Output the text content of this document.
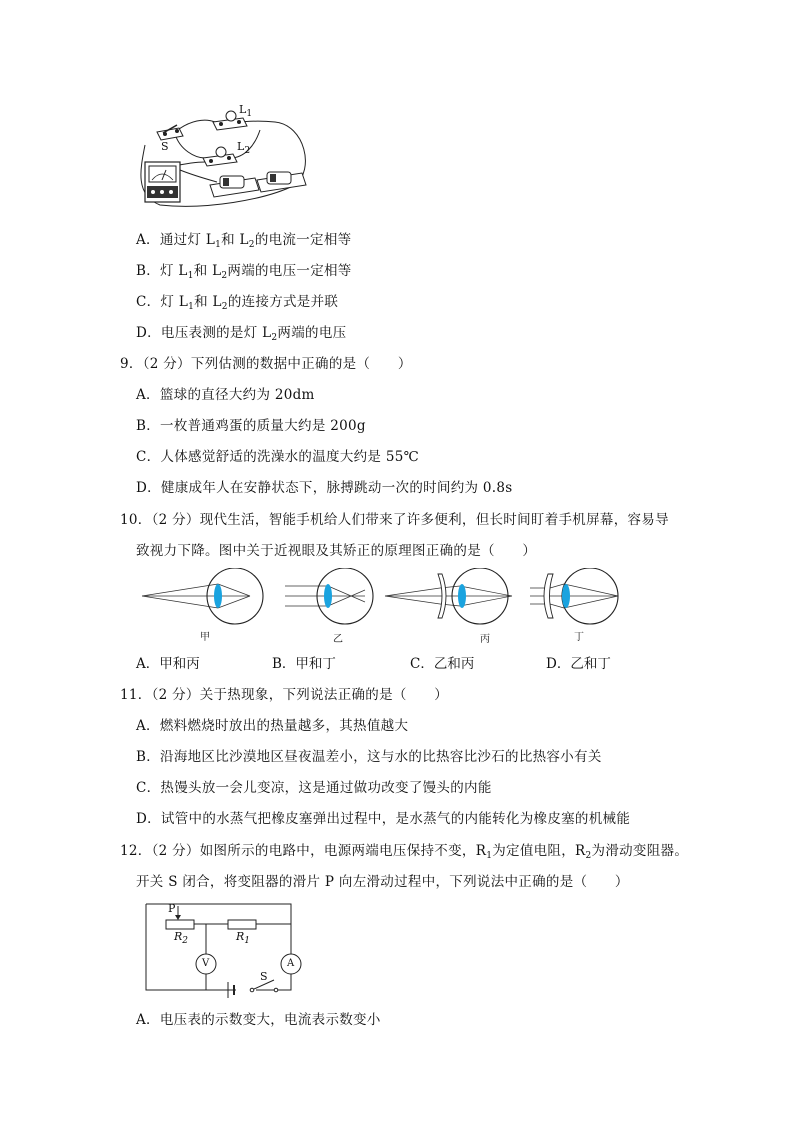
$L_1$
S	$L_2$
A．通过灯 $L_1$和 $L_2$的电流一定相等
B．灯 $L_1$和 $L_2$两端的电压一定相等
C．灯 $L_1$和 $L_2$的连接方式是并联
D．电压表测的是灯 $L_2$两端的电压
9．（2 分）下列估测的数据中正确的是（　　）
A．篮球的直径大约为 20dm
B．一枚普通鸡蛋的质量大约是 200g
C．人体感觉舒适的洗澡水的温度大约是 55℃
D．健康成年人在安静状态下，脉搏跳动一次的时间约为 0.8s
10．（2 分）现代生活，智能手机给人们带来了许多便利，但长时间盯着手机屏幕，容易导
致视力下降。图中关于近视眼及其矫正的原理图正确的是（　　）
甲	乙	丙	丁
A．甲和丙	B．甲和丁	C．乙和丙	D．乙和丁
11．（2 分）关于热现象，下列说法正确的是（　　）
A．燃料燃烧时放出的热量越多，其热值越大
B．沿海地区比沙漠地区昼夜温差小，这与水的比热容比沙石的比热容小有关
C．热馒头放一会儿变凉，这是通过做功改变了馒头的内能
D．试管中的水蒸气把橡皮塞弹出过程中，是水蒸气的内能转化为橡皮塞的机械能
12．（2 分）如图所示的电路中，电源两端电压保持不变，$R_1$为定值电阻，$R_2$为滑动变阻器。
开关 S 闭合，将变阻器的滑片 P 向左滑动过程中，下列说法中正确的是（　　）
P
$R_2$	$R_1$
V	A
S
A．电压表的示数变大，电流表示数变小
